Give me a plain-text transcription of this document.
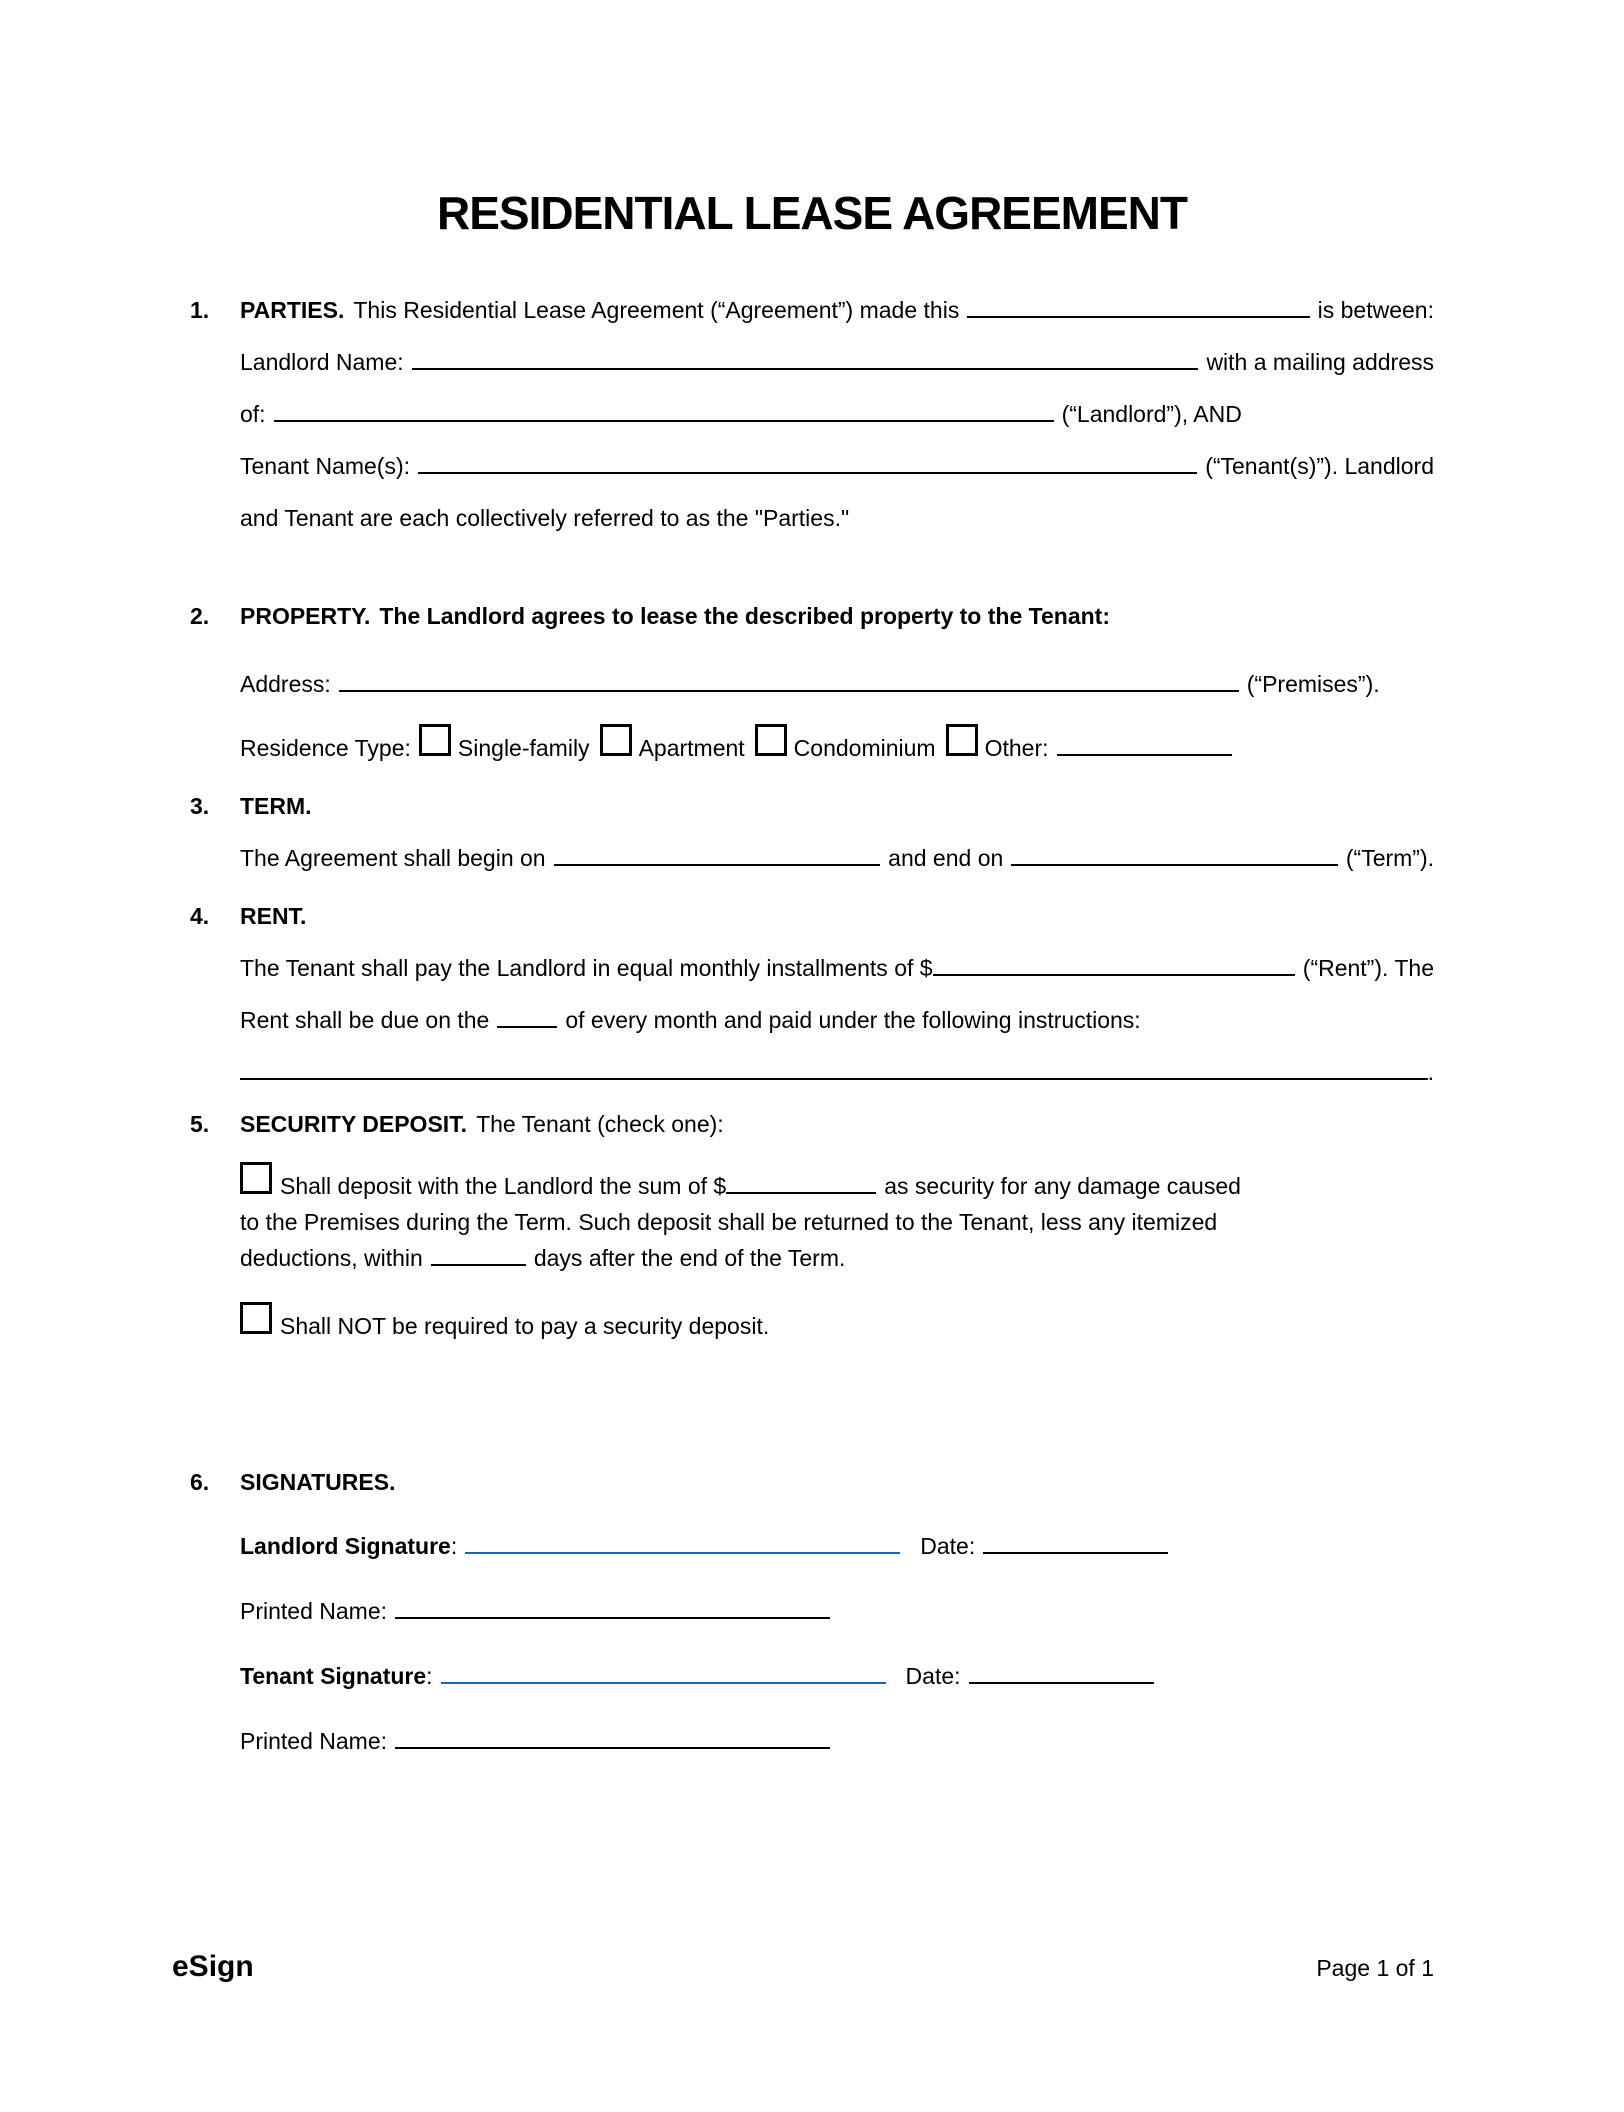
RESIDENTIAL LEASE AGREEMENT
1.	PARTIES. This Residential Lease Agreement (“Agreement”) made this	is between:
Landlord Name:	with a mailing address
of:	(“Landlord”), AND
Tenant Name(s):	(“Tenant(s)”). Landlord
and Tenant are each collectively referred to as the "Parties."
2.	PROPERTY. The Landlord agrees to lease the described property to the Tenant:
Address:	(“Premises”).
Residence Type: Single-family Apartment Condominium Other:
3.	TERM.
The Agreement shall begin on	and end on	(“Term”).
4.	RENT.
The Tenant shall pay the Landlord in equal monthly installments of $	(“Rent”). The
Rent shall be due on the	of every month and paid under the following instructions:
.
5.	SECURITY DEPOSIT. The Tenant (check one):
Shall deposit with the Landlord the sum of $	as security for any damage caused
to the Premises during the Term. Such deposit shall be returned to the Tenant, less any itemized
deductions, within	days after the end of the Term.
Shall NOT be required to pay a security deposit.
6.	SIGNATURES.
Landlord Signature :	Date:
Printed Name:
Tenant Signature :	Date:
Printed Name:
eSign	Page 1 of 1
